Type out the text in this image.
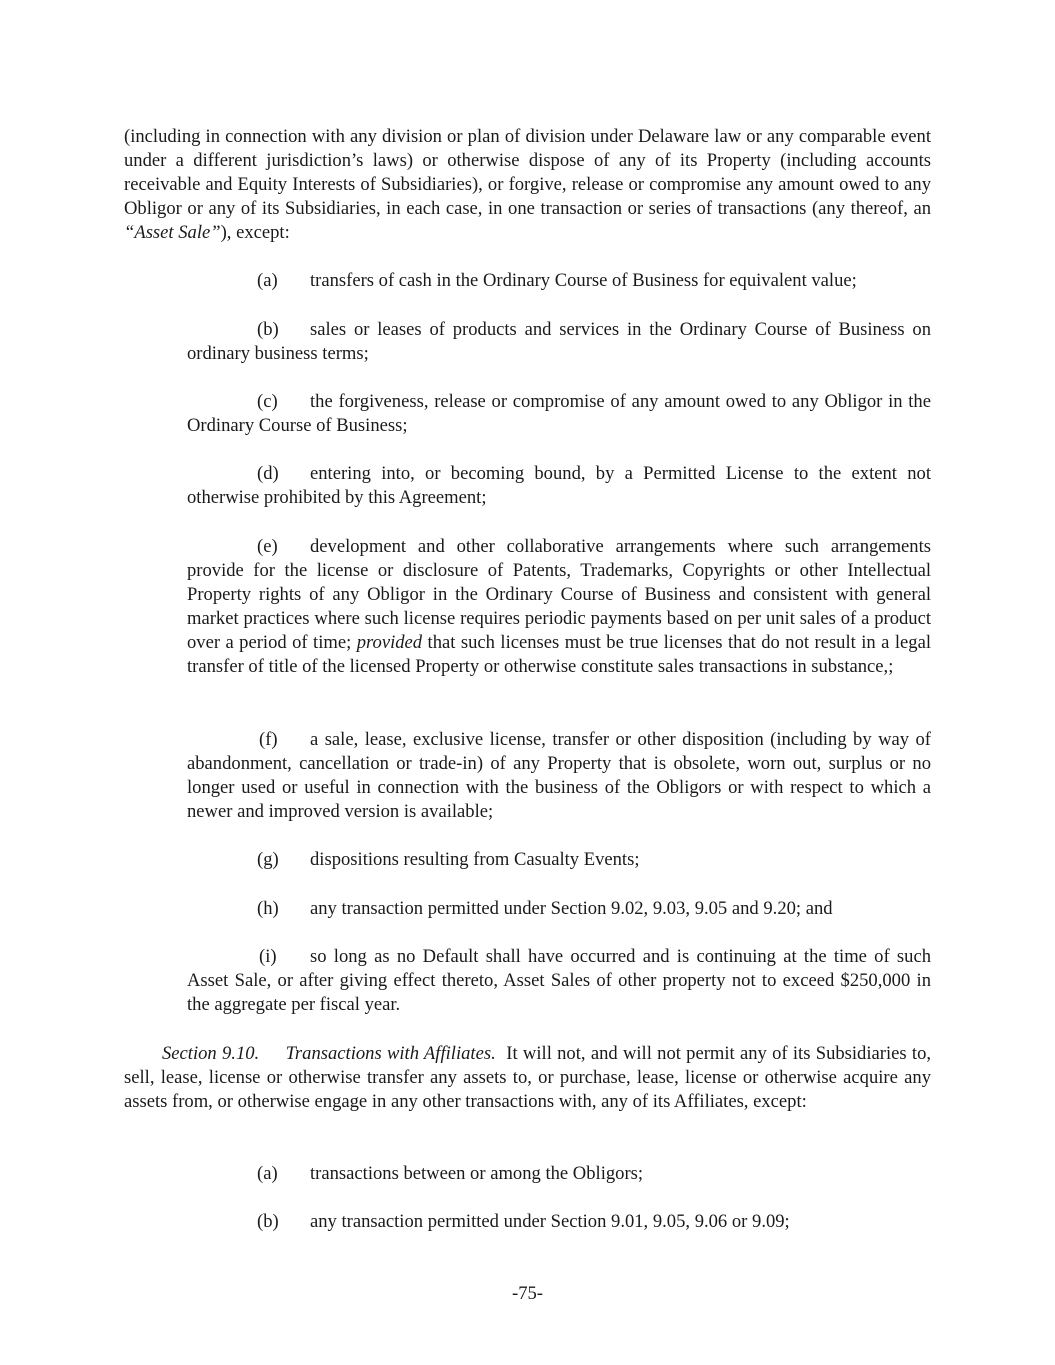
(including in connection with any division or plan of division under Delaware law or any comparable event under a different jurisdiction’s laws) or otherwise dispose of any of its Property (including accounts receivable and Equity Interests of Subsidiaries), or forgive, release or compromise any amount owed to any Obligor or any of its Subsidiaries, in each case, in one transaction or series of transactions (any thereof, an “Asset Sale”), except:

(a) transfers of cash in the Ordinary Course of Business for equivalent value;

(b) sales or leases of products and services in the Ordinary Course of Business on ordinary business terms;

(c) the forgiveness, release or compromise of any amount owed to any Obligor in the Ordinary Course of Business;

(d) entering into, or becoming bound, by a Permitted License to the extent not otherwise prohibited by this Agreement;

(e) development and other collaborative arrangements where such arrangements provide for the license or disclosure of Patents, Trademarks, Copyrights or other Intellectual Property rights of any Obligor in the Ordinary Course of Business and consistent with general market practices where such license requires periodic payments based on per unit sales of a product over a period of time; provided that such licenses must be true licenses that do not result in a legal transfer of title of the licensed Property or otherwise constitute sales transactions in substance,;

(f) a sale, lease, exclusive license, transfer or other disposition (including by way of abandonment, cancellation or trade-in) of any Property that is obsolete, worn out, surplus or no longer used or useful in connection with the business of the Obligors or with respect to which a newer and improved version is available;

(g) dispositions resulting from Casualty Events;

(h) any transaction permitted under Section 9.02, 9.03, 9.05 and 9.20; and

(i) so long as no Default shall have occurred and is continuing at the time of such Asset Sale, or after giving effect thereto, Asset Sales of other property not to exceed $250,000 in the aggregate per fiscal year.

Section 9.10. Transactions with Affiliates. It will not, and will not permit any of its Subsidiaries to, sell, lease, license or otherwise transfer any assets to, or purchase, lease, license or otherwise acquire any assets from, or otherwise engage in any other transactions with, any of its Affiliates, except:

(a) transactions between or among the Obligors;

(b) any transaction permitted under Section 9.01, 9.05, 9.06 or 9.09;

-75-
